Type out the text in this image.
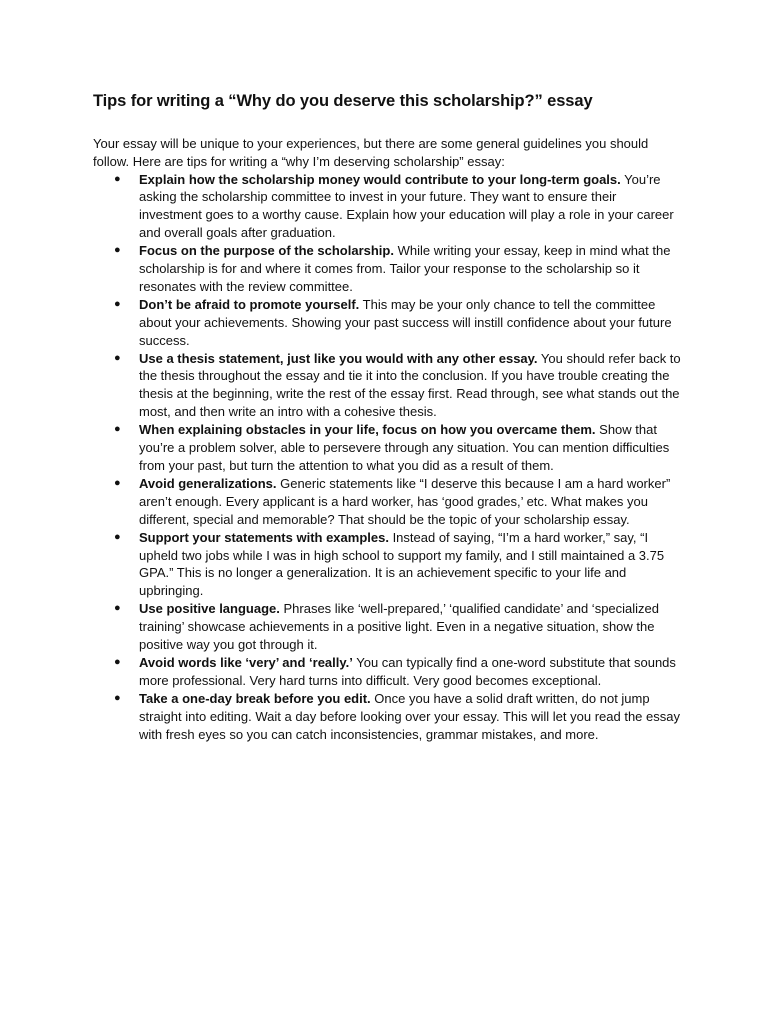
Tips for writing a “Why do you deserve this scholarship?” essay

Your essay will be unique to your experiences, but there are some general guidelines you should follow. Here are tips for writing a “why I’m deserving scholarship” essay:

● Explain how the scholarship money would contribute to your long-term goals. You’re asking the scholarship committee to invest in your future. They want to ensure their investment goes to a worthy cause. Explain how your education will play a role in your career and overall goals after graduation.
● Focus on the purpose of the scholarship. While writing your essay, keep in mind what the scholarship is for and where it comes from. Tailor your response to the scholarship so it resonates with the review committee.
● Don’t be afraid to promote yourself. This may be your only chance to tell the committee about your achievements. Showing your past success will instill confidence about your future success.
● Use a thesis statement, just like you would with any other essay. You should refer back to the thesis throughout the essay and tie it into the conclusion. If you have trouble creating the thesis at the beginning, write the rest of the essay first. Read through, see what stands out the most, and then write an intro with a cohesive thesis.
● When explaining obstacles in your life, focus on how you overcame them. Show that you’re a problem solver, able to persevere through any situation. You can mention difficulties from your past, but turn the attention to what you did as a result of them.
● Avoid generalizations. Generic statements like “I deserve this because I am a hard worker” aren’t enough. Every applicant is a hard worker, has ‘good grades,’ etc. What makes you different, special and memorable? That should be the topic of your scholarship essay.
● Support your statements with examples. Instead of saying, “I’m a hard worker,” say, “I upheld two jobs while I was in high school to support my family, and I still maintained a 3.75 GPA.” This is no longer a generalization. It is an achievement specific to your life and upbringing.
● Use positive language. Phrases like ‘well-prepared,’ ‘qualified candidate’ and ‘specialized training’ showcase achievements in a positive light. Even in a negative situation, show the positive way you got through it.
● Avoid words like ‘very’ and ‘really.’ You can typically find a one-word substitute that sounds more professional. Very hard turns into difficult. Very good becomes exceptional.
● Take a one-day break before you edit. Once you have a solid draft written, do not jump straight into editing. Wait a day before looking over your essay. This will let you read the essay with fresh eyes so you can catch inconsistencies, grammar mistakes, and more.
